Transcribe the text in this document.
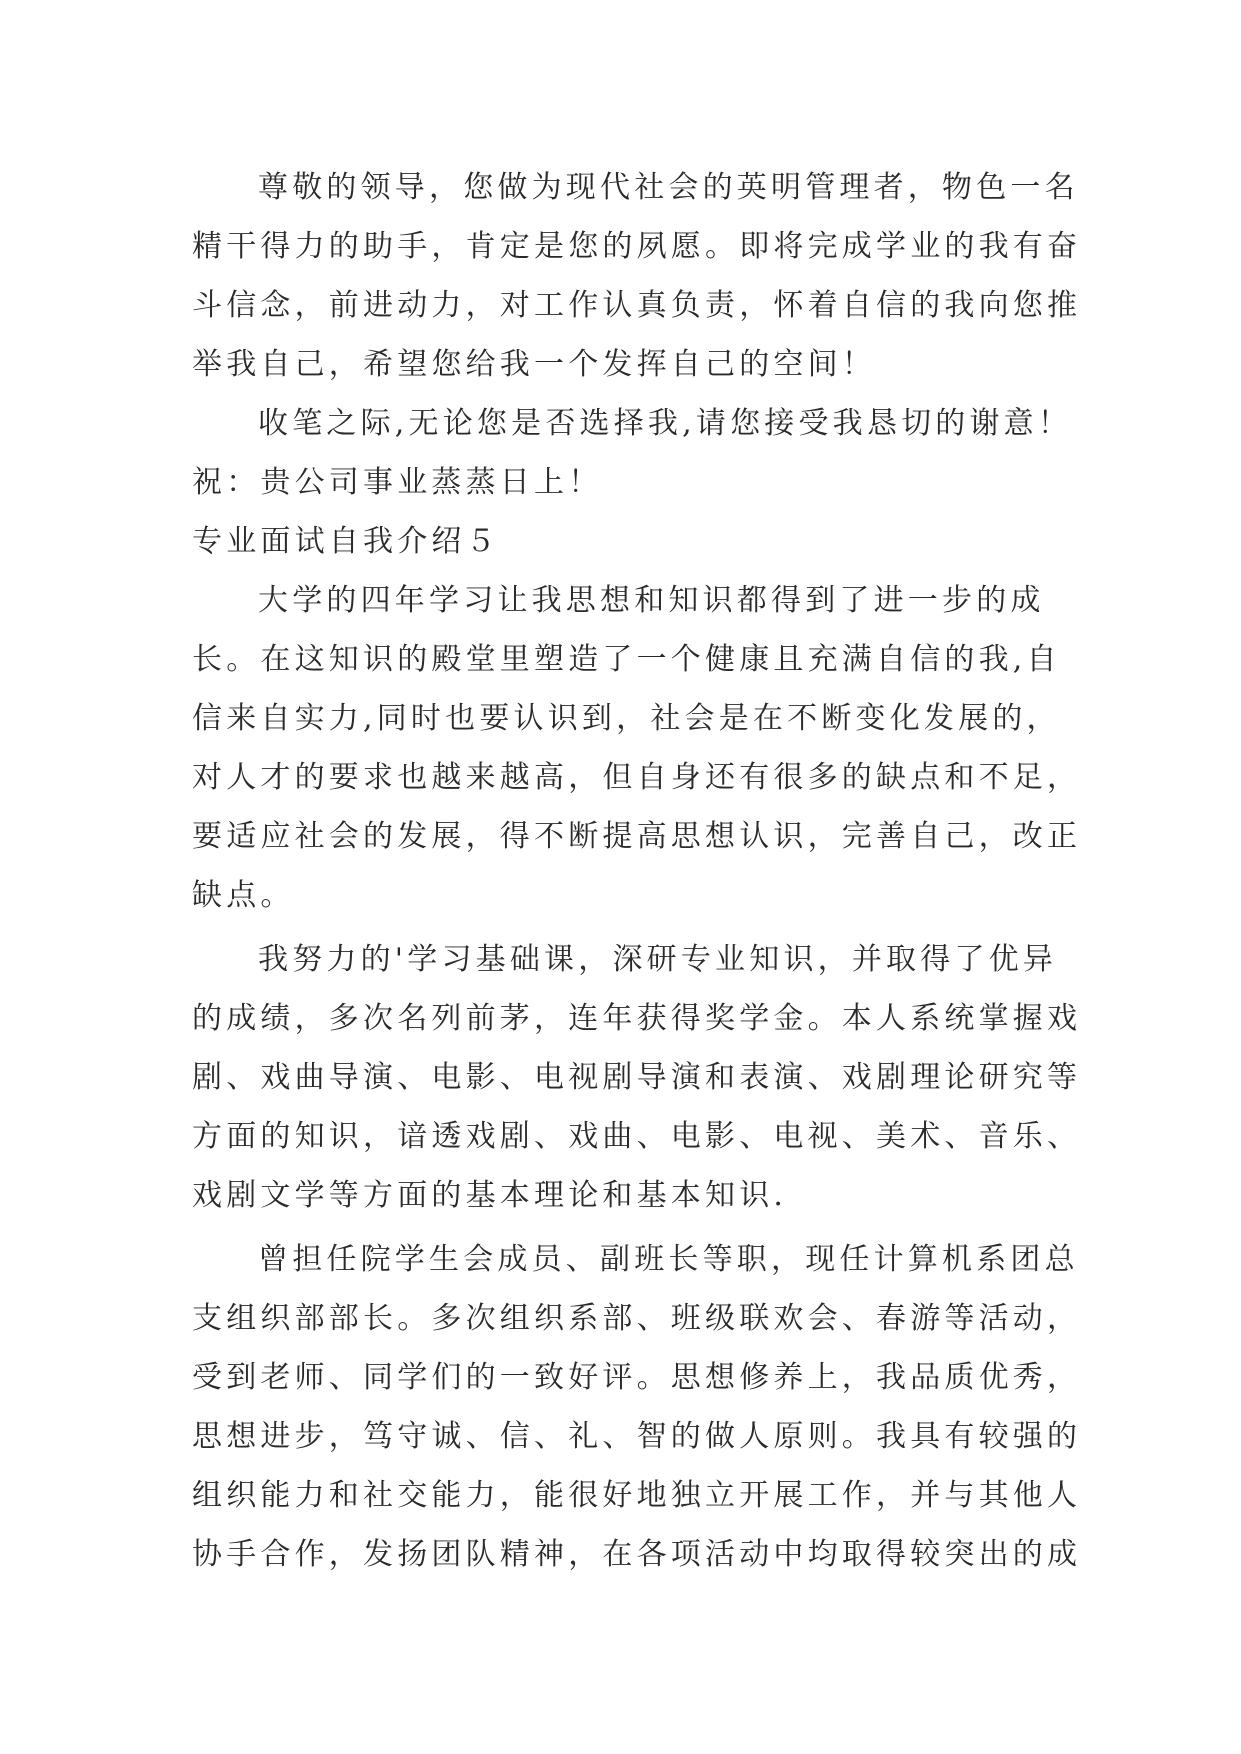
尊敬的领导，您做为现代社会的英明管理者，物色一名
精干得力的助手，肯定是您的夙愿。即将完成学业的我有奋
斗信念，前进动力，对工作认真负责，怀着自信的我向您推
举我自己，希望您给我一个发挥自己的空间！
收笔之际,无论您是否选择我,请您接受我恳切的谢意！
祝：贵公司事业蒸蒸日上！
专业面试自我介绍５
大学的四年学习让我思想和知识都得到了进一步的成
长。在这知识的殿堂里塑造了一个健康且充满自信的我,自
信来自实力,同时也要认识到，社会是在不断变化发展的，
对人才的要求也越来越高，但自身还有很多的缺点和不足，
要适应社会的发展，得不断提高思想认识，完善自己，改正
缺点。
我努力的'学习基础课，深研专业知识，并取得了优异
的成绩，多次名列前茅，连年获得奖学金。本人系统掌握戏
剧、戏曲导演、电影、电视剧导演和表演、戏剧理论研究等
方面的知识，谙透戏剧、戏曲、电影、电视、美术、音乐、
戏剧文学等方面的基本理论和基本知识.
曾担任院学生会成员、副班长等职，现任计算机系团总
支组织部部长。多次组织系部、班级联欢会、春游等活动，
受到老师、同学们的一致好评。思想修养上，我品质优秀，
思想进步，笃守诚、信、礼、智的做人原则。我具有较强的
组织能力和社交能力，能很好地独立开展工作，并与其他人
协手合作，发扬团队精神，在各项活动中均取得较突出的成
